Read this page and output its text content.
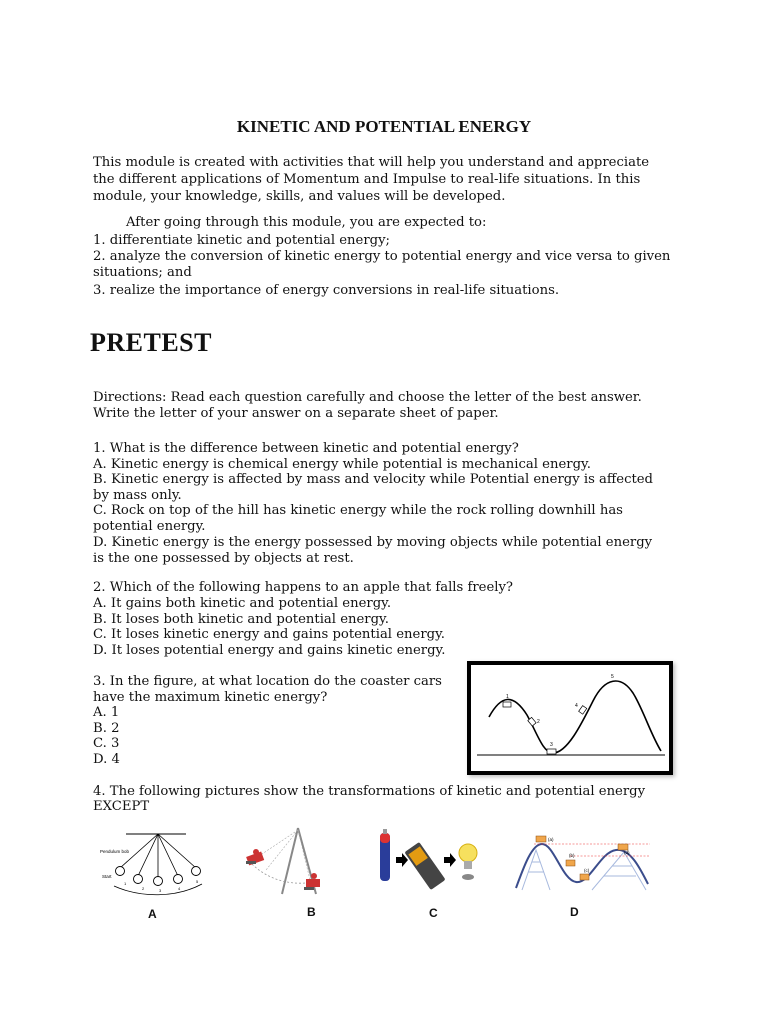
KINETIC AND POTENTIAL ENERGY
This module is created with activities that will help you understand and appreciate
the different applications of Momentum and Impulse to real-life situations. In this
module, your knowledge, skills, and values will be developed.
After going through this module, you are expected to:
1. differentiate kinetic and potential energy;
2. analyze the conversion of kinetic energy to potential energy and vice versa to given
situations; and
3. realize the importance of energy conversions in real-life situations.
PRETEST
Directions: Read each question carefully and choose the letter of the best answer.
Write the letter of your answer on a separate sheet of paper.
1. What is the difference between kinetic and potential energy?
A. Kinetic energy is chemical energy while potential is mechanical energy.
B. Kinetic energy is affected by mass and velocity while Potential energy is affected
by mass only.
C. Rock on top of the hill has kinetic energy while the rock rolling downhill has
potential energy.
D. Kinetic energy is the energy possessed by moving objects while potential energy
is the one possessed by objects at rest.
2. Which of the following happens to an apple that falls freely?
A. It gains both kinetic and potential energy.
B. It loses both kinetic and potential energy.
C. It loses kinetic energy and gains potential energy.
D. It loses potential energy and gains kinetic energy.
3. In the figure, at what location do the coaster cars
have the maximum kinetic energy?
A. 1
B. 2
C. 3
D. 4
1
2
3
4
5
4. The following pictures show the transformations of kinetic and potential energy
EXCEPT
Pendulum bob
Start
1
2	3	4
5
(a)
(b)
(c)
(d)
A	B	C	D
